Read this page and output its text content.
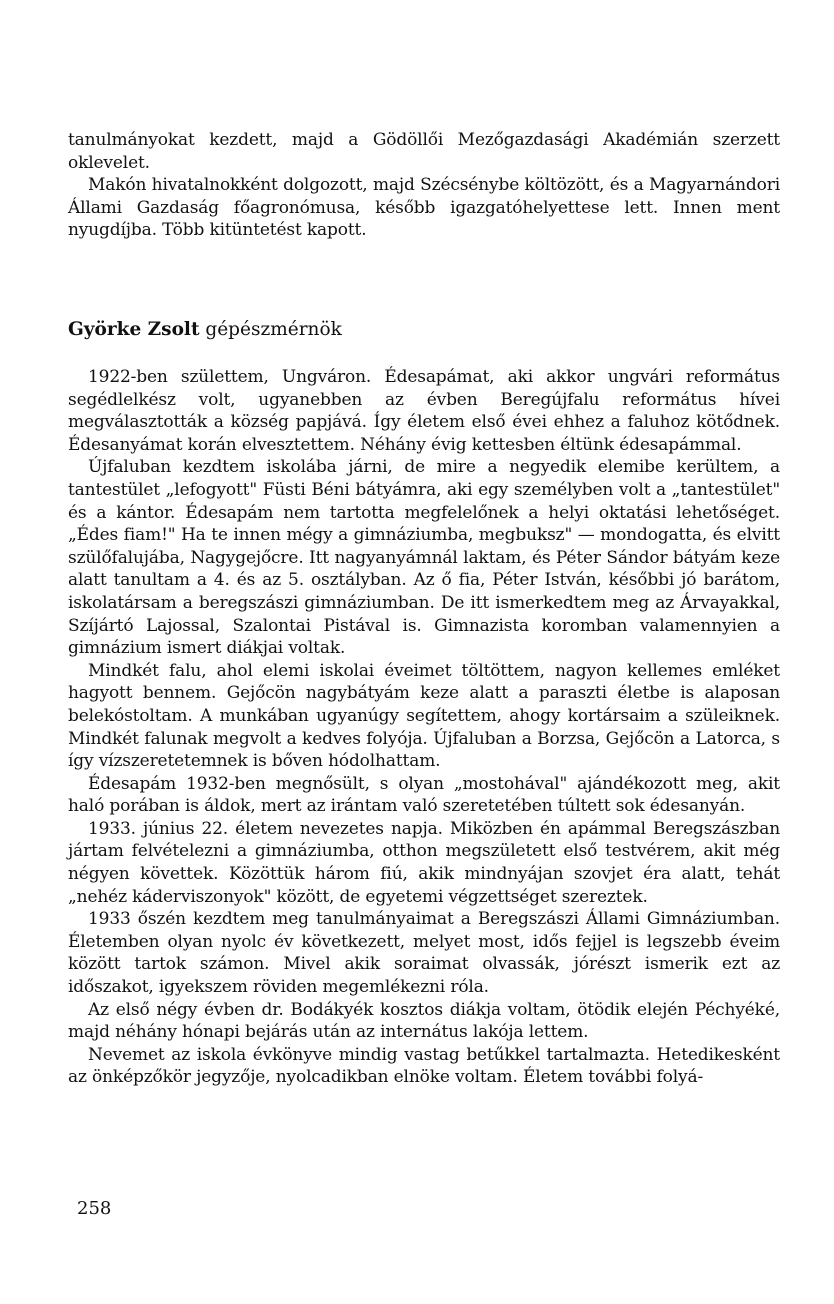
tanulmányokat kezdett, majd a Gödöllői Mezőgazdasági Akadémián szerzett oklevelet.

Makón hivatalnokként dolgozott, majd Szécsénybe költözött, és a Magyarnándori Állami Gazdaság főagronómusa, később igazgatóhelyettese lett. Innen ment nyugdíjba. Több kitüntetést kapott.

Györke Zsolt gépészmérnök

1922-ben születtem, Ungváron. Édesapámat, aki akkor ungvári református segédlelkész volt, ugyanebben az évben Beregújfalu református hívei megválasztották a község papjává. Így életem első évei ehhez a faluhoz kötődnek. Édesanyámat korán elvesztettem. Néhány évig kettesben éltünk édesapámmal.

Újfaluban kezdtem iskolába járni, de mire a negyedik elemibe kerültem, a tantestület „lefogyott" Füsti Béni bátyámra, aki egy személyben volt a „tantestület" és a kántor. Édesapám nem tartotta megfelelőnek a helyi oktatási lehetőséget. „Édes fiam!" Ha te innen mégy a gimnáziumba, megbuksz" — mondogatta, és elvitt szülőfalujába, Nagygejőcre. Itt nagyanyámnál laktam, és Péter Sándor bátyám keze alatt tanultam a 4. és az 5. osztályban. Az ő fia, Péter István, későbbi jó barátom, iskolatársam a beregszászi gimnáziumban. De itt ismerkedtem meg az Árvayakkal, Szíjártó Lajossal, Szalontai Pistával is. Gimnazista koromban valamennyien a gimnázium ismert diákjai voltak.

Mindkét falu, ahol elemi iskolai éveimet töltöttem, nagyon kellemes emléket hagyott bennem. Gejőcön nagybátyám keze alatt a paraszti életbe is alaposan belekóstoltam. A munkában ugyanúgy segítettem, ahogy kortársaim a szüleiknek. Mindkét falunak megvolt a kedves folyója. Újfaluban a Borzsa, Gejőcön a Latorca, s így vízszeretetemnek is bőven hódolhattam.

Édesapám 1932-ben megnősült, s olyan „mostohával" ajándékozott meg, akit haló porában is áldok, mert az irántam való szeretetében túltett sok édesanyán.

1933. június 22. életem nevezetes napja. Miközben én apámmal Beregszászban jártam felvételezni a gimnáziumba, otthon megszületett első testvérem, akit még négyen követtek. Közöttük három fiú, akik mindnyájan szovjet éra alatt, tehát „nehéz káderviszonyok" között, de egyetemi végzettséget szereztek.

1933 őszén kezdtem meg tanulmányaimat a Beregszászi Állami Gimnáziumban. Életemben olyan nyolc év következett, melyet most, idős fejjel is legszebb éveim között tartok számon. Mivel akik soraimat olvassák, jórészt ismerik ezt az időszakot, igyekszem röviden megemlékezni róla.

Az első négy évben dr. Bodákyék kosztos diákja voltam, ötödik elején Péchyéké, majd néhány hónapi bejárás után az internátus lakója lettem.

Nevemet az iskola évkönyve mindig vastag betűkkel tartalmazta. Hetedikesként az önképzőkör jegyzője, nyolcadikban elnöke voltam. Életem további folyá-

258
